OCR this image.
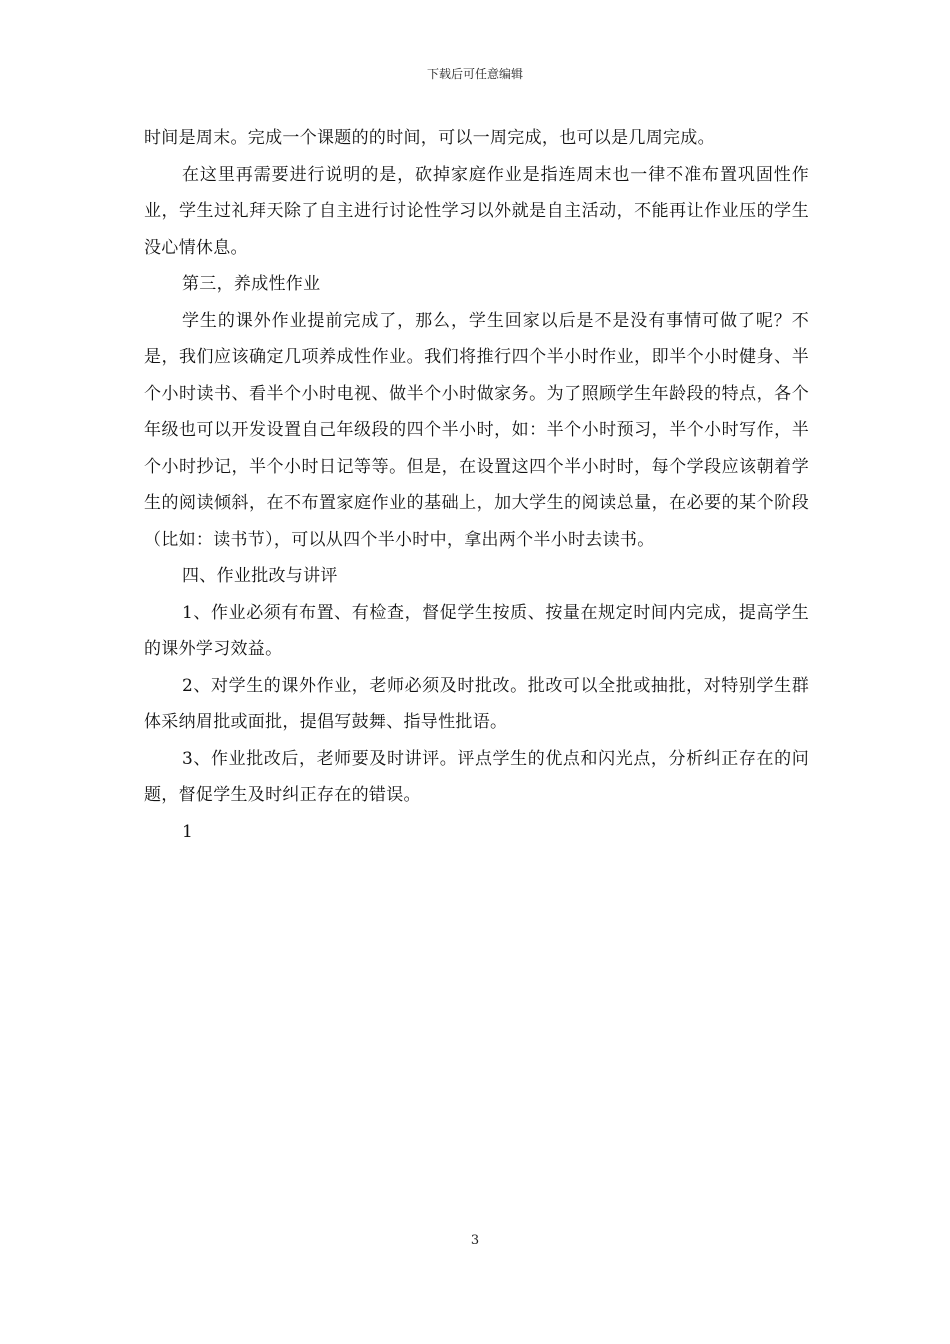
下载后可任意编辑

时间是周末。完成一个课题的的时间，可以一周完成，也可以是几周完成。

在这里再需要进行说明的是，砍掉家庭作业是指连周末也一律不准布置巩固性作业，学生过礼拜天除了自主进行讨论性学习以外就是自主活动，不能再让作业压的学生没心情休息。

第三，养成性作业

学生的课外作业提前完成了，那么，学生回家以后是不是没有事情可做了呢？不是，我们应该确定几项养成性作业。我们将推行四个半小时作业，即半个小时健身、半个小时读书、看半个小时电视、做半个小时做家务。为了照顾学生年龄段的特点，各个年级也可以开发设置自己年级段的四个半小时，如：半个小时预习，半个小时写作，半个小时抄记，半个小时日记等等。但是，在设置这四个半小时时，每个学段应该朝着学生的阅读倾斜，在不布置家庭作业的基础上，加大学生的阅读总量，在必要的某个阶段（比如：读书节），可以从四个半小时中，拿出两个半小时去读书。

四、作业批改与讲评

1、作业必须有布置、有检查，督促学生按质、按量在规定时间内完成，提高学生的课外学习效益。

2、对学生的课外作业，老师必须及时批改。批改可以全批或抽批，对特别学生群体采纳眉批或面批，提倡写鼓舞、指导性批语。

3、作业批改后，老师要及时讲评。评点学生的优点和闪光点，分析纠正存在的问题，督促学生及时纠正存在的错误。

1

3
